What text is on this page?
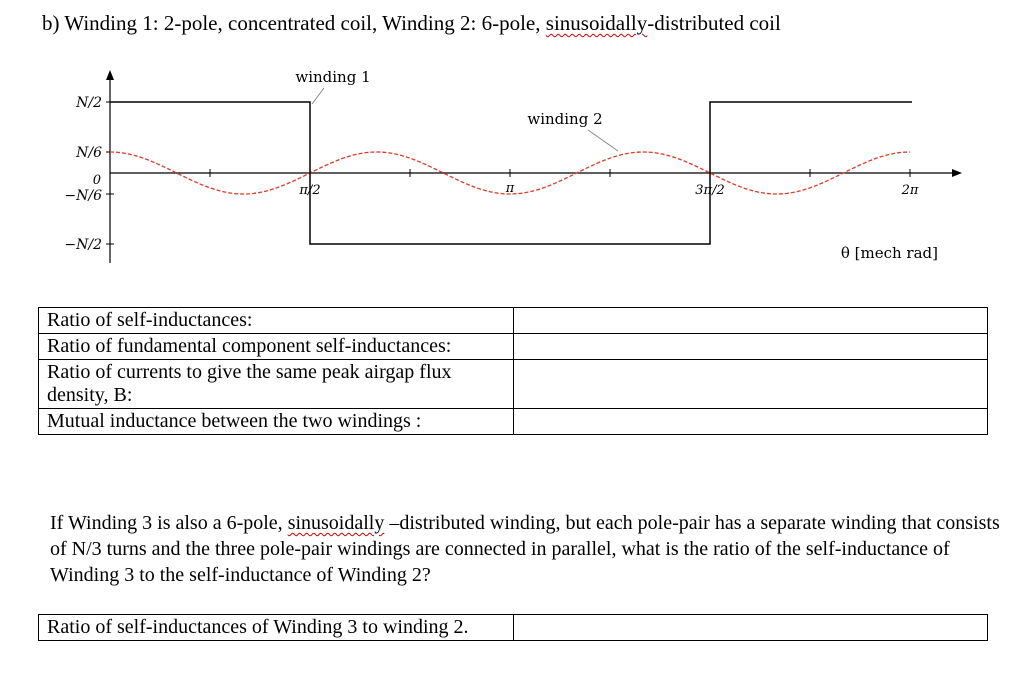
b) Winding 1: 2-pole, concentrated coil, Winding 2: 6-pole, sinusoidally-distributed coil
N/2
N/6
0
−N/6
−N/2
π/2	π	3π/2	2π
winding 1
winding 2
θ [mech rad]
Ratio of self-inductances:	
Ratio of fundamental component self-inductances:	
Ratio of currents to give the same peak airgap flux density, B:	
Mutual inductance between the two windings :	
If Winding 3 is also a 6-pole, sinusoidally –distributed winding, but each pole-pair has a separate winding that consists of N/3 turns and the three pole-pair windings are connected in parallel, what is the ratio of the self-inductance of Winding 3 to the self-inductance of Winding 2?
Ratio of self-inductances of Winding 3 to winding 2.	
